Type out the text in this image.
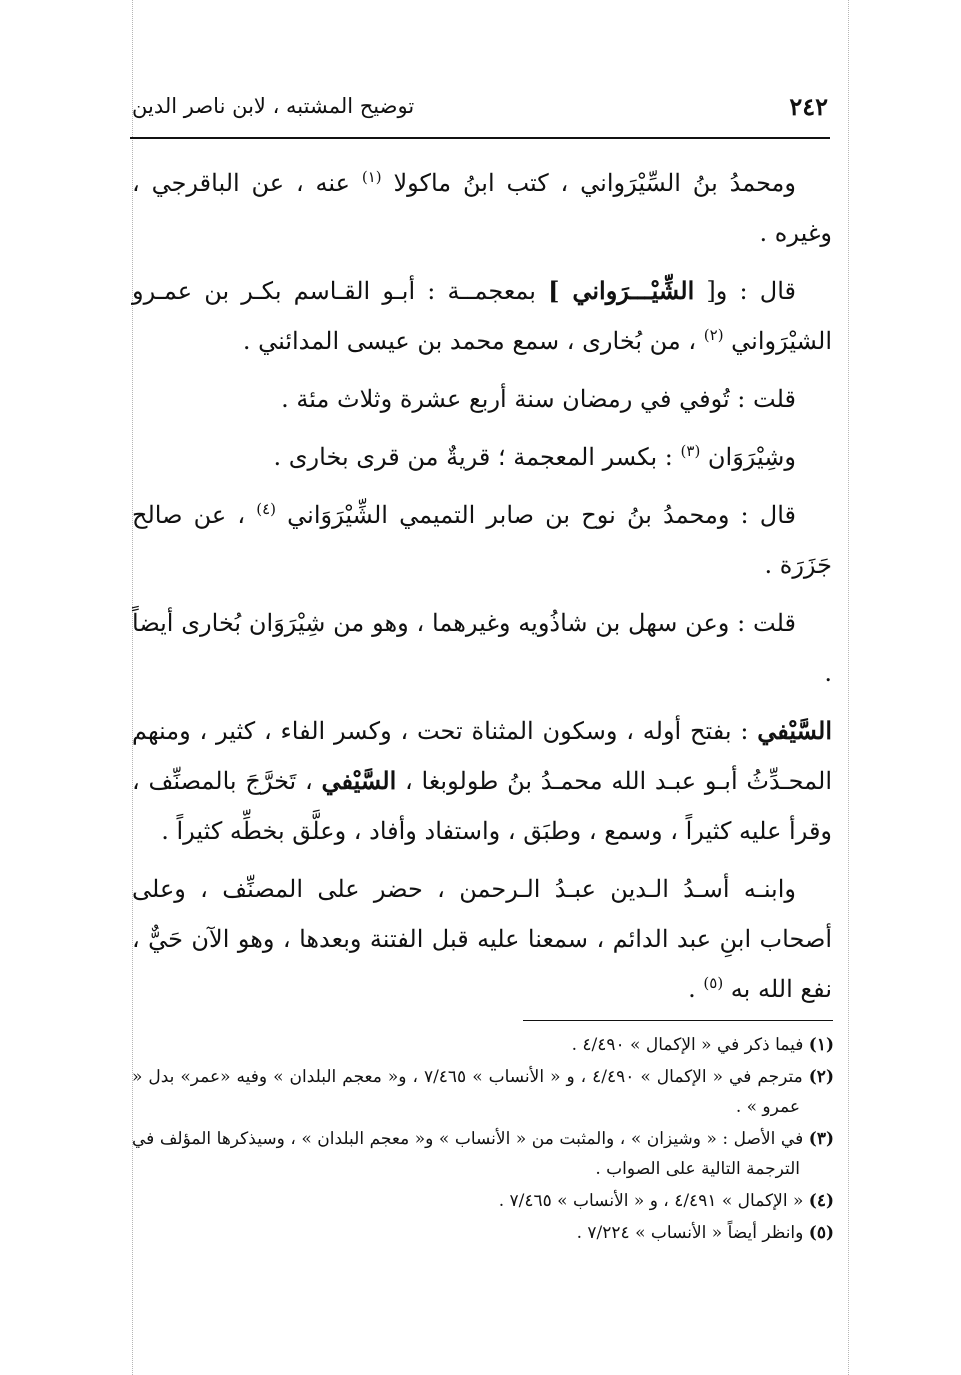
٢٤٢
توضيح المشتبه ، لابن ناصر الدين

ومحمدُ بنُ السِّيْرَواني ، كتب ابنُ ماكولا $^{(١)}$ عنه ، عن الباقرجي ، وغيره .

قال : و[ الشِّيْـــرَواني ] بمعجمــة : أبـو القـاسم بكـر بن عمـرو الشيْرَواني $^{(٢)}$ ، من بُخارى ، سمع محمد بن عيسى المدائني .

قلت : تُوفي في رمضان سنة أربع عشرة وثلاث مئة .

وشِيْرَوَان $^{(٣)}$ : بكسر المعجمة ؛ قريةٌ من قرى بخارى .

قال : ومحمدُ بنُ نوح بن صابر التميمي الشِّيْرَوَاني $^{(٤)}$ ، عن صالح جَزَرَة .

قلت : وعن سهل بن شاذُويه وغيرهما ، وهو من شِيْرَوَان بُخارى أيضاً .

السَّيْفي : بفتح أوله ، وسكون المثناة تحت ، وكسر الفاء ، كثير ، ومنهم المحـدِّثُ أبـو عبـد الله محمـدُ بنُ طولوبغا ، السَّيْفي ، تَخرَّجَ بالمصنِّف ، وقرأ عليه كثيراً ، وسمع ، وطبَق ، واستفاد وأفاد ، وعلَّق بخطِّه كثيراً .

وابنـه أسـدُ الـدين عبـدُ الـرحمن ، حضر على المصنِّف ، وعلى أصحاب ابنِ عبد الدائم ، سمعنا عليه قبل الفتنة وبعدها ، وهو الآن حَيٌّ ، نفع الله به $^{(٥)}$ .

(١) فيما ذكر في « الإكمال » ٤/٤٩٠ .

(٢) مترجم في « الإكمال » ٤/٤٩٠ ، و « الأنساب » ٧/٤٦٥ ، و« معجم البلدان » وفيه «عمر» بدل « عمرو » .

(٣) في الأصل : « وشيزان » ، والمثبت من « الأنساب » و« معجم البلدان » ، وسيذكرها المؤلف في الترجمة التالية على الصواب .

(٤) « الإكمال » ٤/٤٩١ ، و « الأنساب » ٧/٤٦٥ .

(٥) وانظر أيضاً « الأنساب » ٧/٢٢٤ .
